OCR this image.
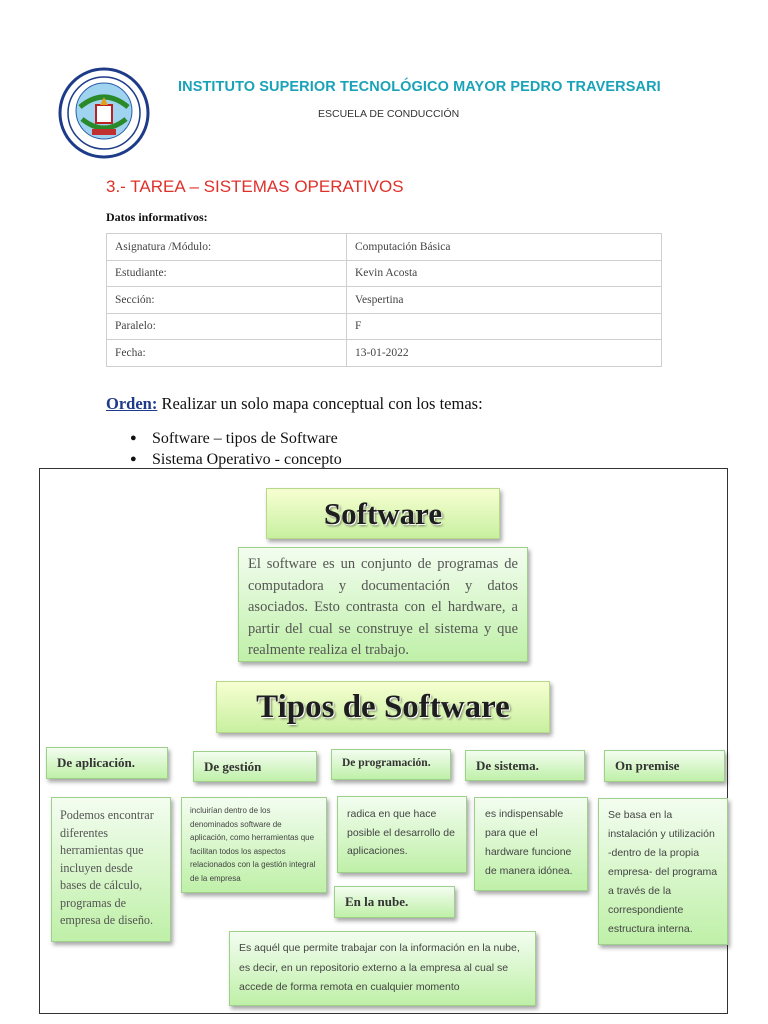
INSTITUTO SUPERIOR TECNOLÓGICO MAYOR PEDRO TRAVERSARI
ESCUELA DE CONDUCCIÓN
3.- TAREA – SISTEMAS OPERATIVOS
Datos informativos:
Asignatura /Módulo:	Computación Básica
Estudiante:	Kevin Acosta
Sección:	Vespertina
Paralelo:	F
Fecha:	13-01-2022
Orden: Realizar un solo mapa conceptual con los temas:
● Software – tipos de Software
● Sistema Operativo - concepto
Software
El software es un conjunto de programas de computadora y documentación y datos asociados. Esto contrasta con el hardware, a partir del cual se construye el sistema y que realmente realiza el trabajo.
Tipos de Software
De aplicación.	De gestión	De programación.	De sistema.	On premise
Podemos encontrar diferentes herramientas que incluyen desde bases de cálculo, programas de empresa de diseño.
incluirían dentro de los denominados software de aplicación, como herramientas que facilitan todos los aspectos relacionados con la gestión integral de la empresa
radica en que hace posible el desarrollo de aplicaciones.
es indispensable para que el hardware funcione de manera idónea.
Se basa en la instalación y utilización -dentro de la propia empresa- del programa a través de la correspondiente estructura interna.
En la nube.
Es aquél que permite trabajar con la información en la nube, es decir, en un repositorio externo a la empresa al cual se accede de forma remota en cualquier momento
